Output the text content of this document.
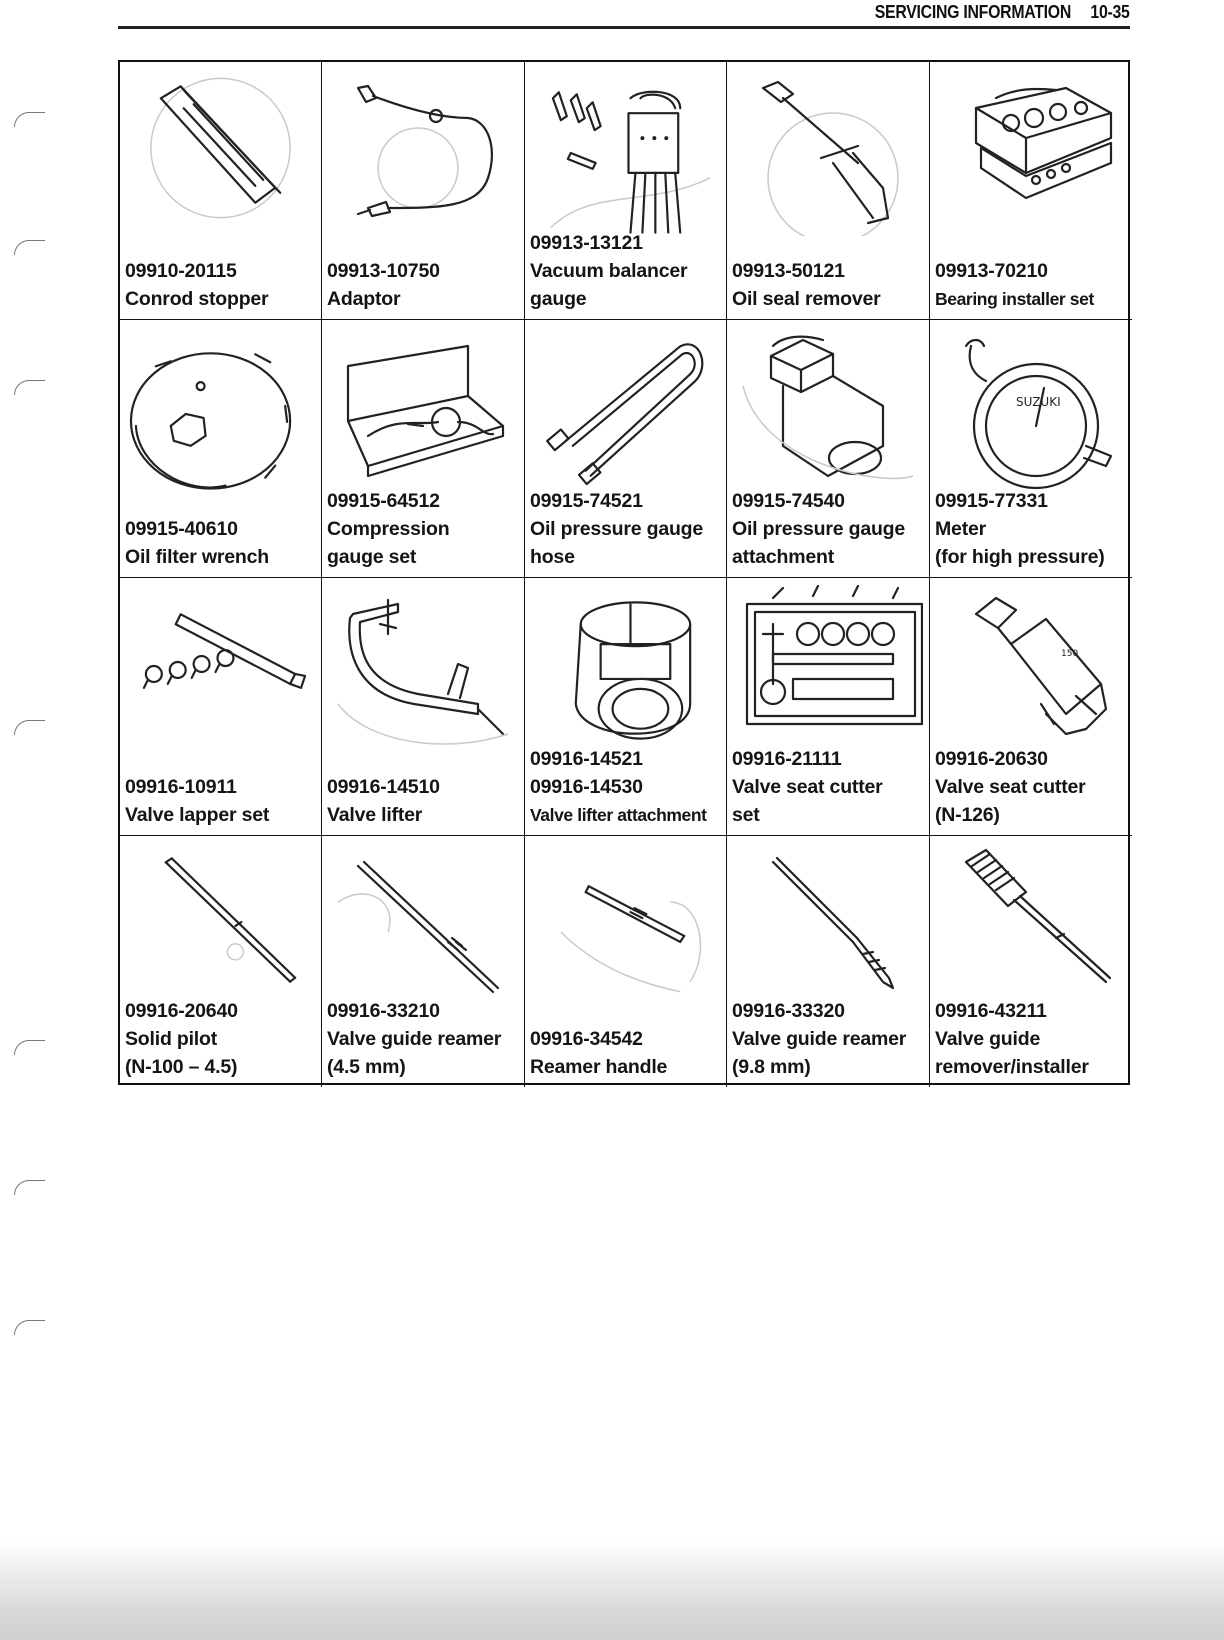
SERVICING INFORMATION 10-35
09910-20115
Conrod stopper
09913-10750
Adaptor
09913-13121
Vacuum balancer
gauge
09913-50121
Oil seal remover
09913-70210
Bearing installer set
09915-40610
Oil filter wrench
09915-64512
Compression
gauge set
09915-74521
Oil pressure gauge
hose
09915-74540
Oil pressure gauge
attachment
SUZUKI
09915-77331
Meter
(for high pressure)
09916-10911
Valve lapper set
09916-14510
Valve lifter
09916-14521
09916-14530
Valve lifter attachment
09916-21111
Valve seat cutter
set
150
09916-20630
Valve seat cutter
(N-126)
09916-20640
Solid pilot
(N-100 – 4.5)
09916-33210
Valve guide reamer
(4.5 mm)
09916-34542
Reamer handle
09916-33320
Valve guide reamer
(9.8 mm)
09916-43211
Valve guide
remover/installer
